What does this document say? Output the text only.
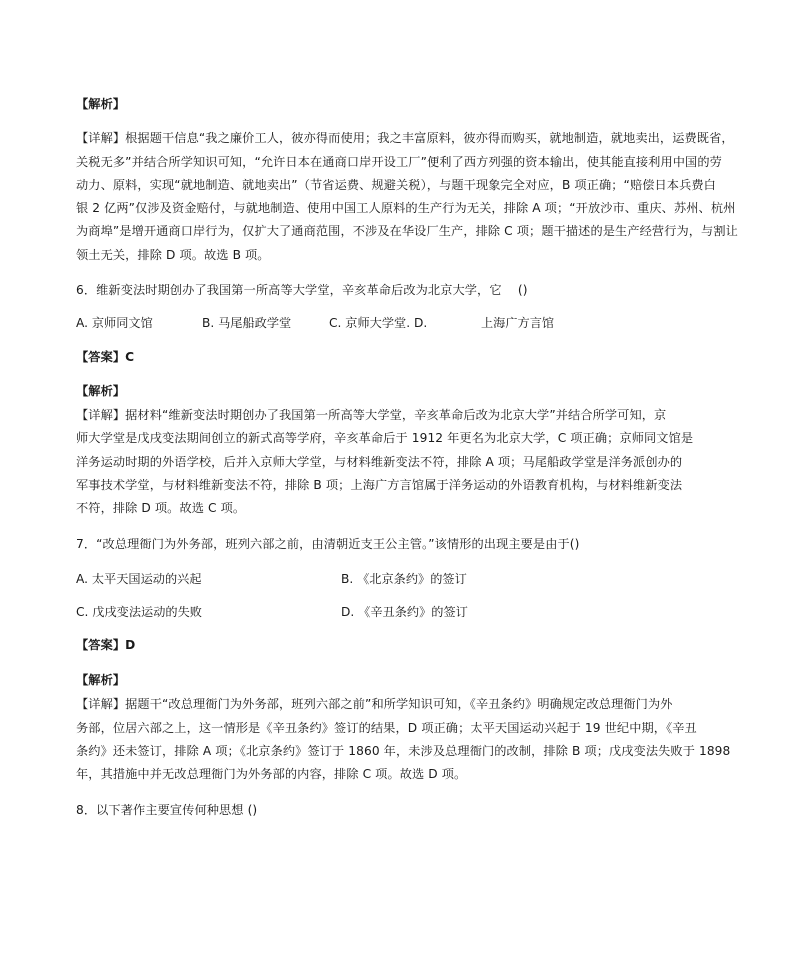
【解析】
【详解】根据题干信息“我之廉价工人，彼亦得而使用；我之丰富原料，彼亦得而购买，就地制造，就地卖出，运费既省，
关税无多”并结合所学知识可知，“允许日本在通商口岸开设工厂”便利了西方列强的资本输出，使其能直接利用中国的劳
动力、原料，实现“就地制造、就地卖出”（节省运费、规避关税），与题干现象完全对应，B 项正确；“赔偿日本兵费白
银 2 亿两”仅涉及资金赔付，与就地制造、使用中国工人原料的生产行为无关，排除 A 项；“开放沙市、重庆、苏州、杭州
为商埠”是增开通商口岸行为，仅扩大了通商范围，不涉及在华设厂生产，排除 C 项；题干描述的是生产经营行为，与割让
领土无关，排除 D 项。故选 B 项。
6．维新变法时期创办了我国第一所高等大学堂，辛亥革命后改为北京大学，它　 ()
A. 京师同文馆	B. 马尾船政学堂	C. 京师大学堂. D.	上海广方言馆
【答案】C
【解析】
【详解】据材料“维新变法时期创办了我国第一所高等大学堂，辛亥革命后改为北京大学”并结合所学可知，京
师大学堂是戊戌变法期间创立的新式高等学府，辛亥革命后于 1912 年更名为北京大学，C 项正确；京师同文馆是
洋务运动时期的外语学校，后并入京师大学堂，与材料维新变法不符，排除 A 项；马尾船政学堂是洋务派创办的
军事技术学堂，与材料维新变法不符，排除 B 项；上海广方言馆属于洋务运动的外语教育机构，与材料维新变法
不符，排除 D 项。故选 C 项。
7．“改总理衙门为外务部，班列六部之前，由清朝近支王公主管。”该情形的出现主要是由于()
A. 太平天国运动的兴起	B. 《北京条约》的签订
C. 戊戌变法运动的失败	D. 《辛丑条约》的签订
【答案】D
【解析】
【详解】据题干“改总理衙门为外务部，班列六部之前”和所学知识可知，《辛丑条约》明确规定改总理衙门为外
务部，位居六部之上，这一情形是《辛丑条约》签订的结果，D 项正确；太平天国运动兴起于 19 世纪中期，《辛丑
条约》还未签订，排除 A 项；《北京条约》签订于 1860 年，未涉及总理衙门的改制，排除 B 项；戊戌变法失败于 1898
年，其措施中并无改总理衙门为外务部的内容，排除 C 项。故选 D 项。
8．以下著作主要宣传何种思想 ()
